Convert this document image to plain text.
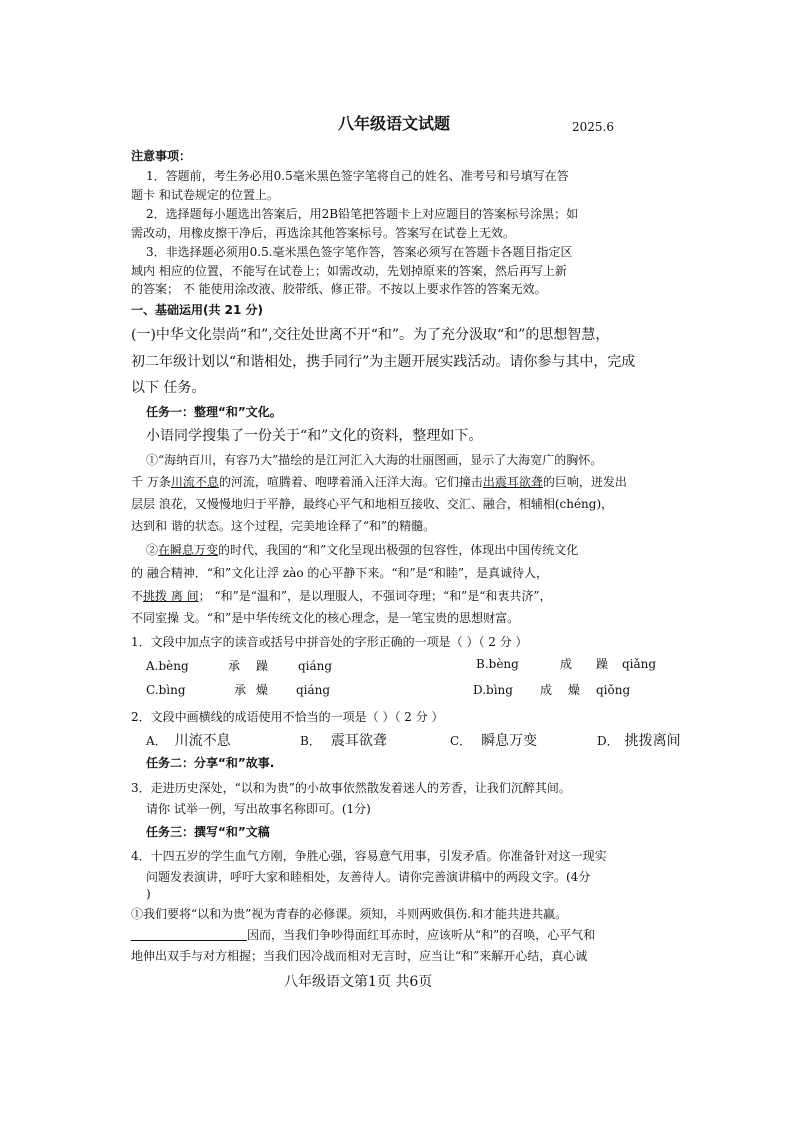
八年级语文试题	2025.6
注意事项：
1．答题前，考生务必用0.5毫米黑色签字笔将自己的姓名、准考号和号填写在答
题卡 和试卷规定的位置上。
2．选择题每小题选出答案后，用2B铅笔把答题卡上对应题目的答案标号涂黑；如
需改动，用橡皮擦干净后，再选涂其他答案标号。答案写在试卷上无效。
3．非选择题必须用0.5.毫米黑色签字笔作答，答案必须写在答题卡各题目指定区
域内 相应的位置，不能写在试卷上；如需改动，先划掉原来的答案，然后再写上新
的答案； 不 能使用涂改液、胶带纸、修正带。不按以上要求作答的答案无效。
一、基础运用(共 21 分)
(一)中华文化崇尚“和”,交往处世离不开“和”。为了充分汲取“和”的思想智慧，
初二年级计划以“和谐相处，携手同行”为主题开展实践活动。请你参与其中，完成
以下 任务。
任务一：整理“和”文化。
小语同学搜集了一份关于“和”文化的资料，整理如下。
①“海纳百川，有容乃大”描绘的是江河汇入大海的壮丽图画，显示了大海宽广的胸怀。
千 万条川流不息的河流，喧腾着、咆哮着涌入汪洋大海。它们撞击出震耳欲聋的巨响，迸发出
层层 浪花，又慢慢地归于平静，最终心平气和地相互接收、交汇、融合，相辅相(chéng)，
达到和 谐的状态。这个过程，完美地诠释了“和”的精髓。
②在瞬息万变的时代，我国的“和”文化呈现出极强的包容性，体现出中国传统文化
的 融合精神．“和”文化让浮 zào 的心平静下来。“和”是“和睦”，是真诚待人，
不挑拨 离 间； “和”是“温和”，是以理服人，不强词夺理；“和”是“和衷共济”，
不同室操 戈。“和”是中华传统文化的核心理念，是一笔宝贵的思想财富。
1．文段中加点字的读音或括号中拼音处的字形正确的一项是（ ）（ 2 分 ）
A.bèng	承 躁 qiáng	B.bèng	成 躁 qiǎng
C.bìng	承 燥 qiáng	D.bìng 成 燥 qiǒng
2．文段中画横线的成语使用不恰当的一项是（ ）（ 2 分 ）
A． 川流不息	B． 震耳欲聋	C． 瞬息万变	D． 挑拨离间
任务二：分享“和”故事.
3．走进历史深处，“以和为贵”的小故事依然散发着迷人的芳香，让我们沉醉其间。
请你 试举一例，写出故事名称即可。(1分)
任务三：撰写“和”文稿
4．十四五岁的学生血气方刚，争胜心强，容易意气用事，引发矛盾。你准备针对这一现实
问题发表演讲，呼吁大家和睦相处，友善待人。请你完善演讲稿中的两段文字。(4分
)
①我们要将“以和为贵”视为青春的必修课。须知，斗则两败俱伤.和才能共进共赢。
因而，当我们争吵得面红耳赤时，应该听从“和”的召唤，心平气和
地伸出双手与对方相握；当我们因冷战而相对无言时，应当让“和”来解开心结，真心诚
八年级语文第1页 共6页
